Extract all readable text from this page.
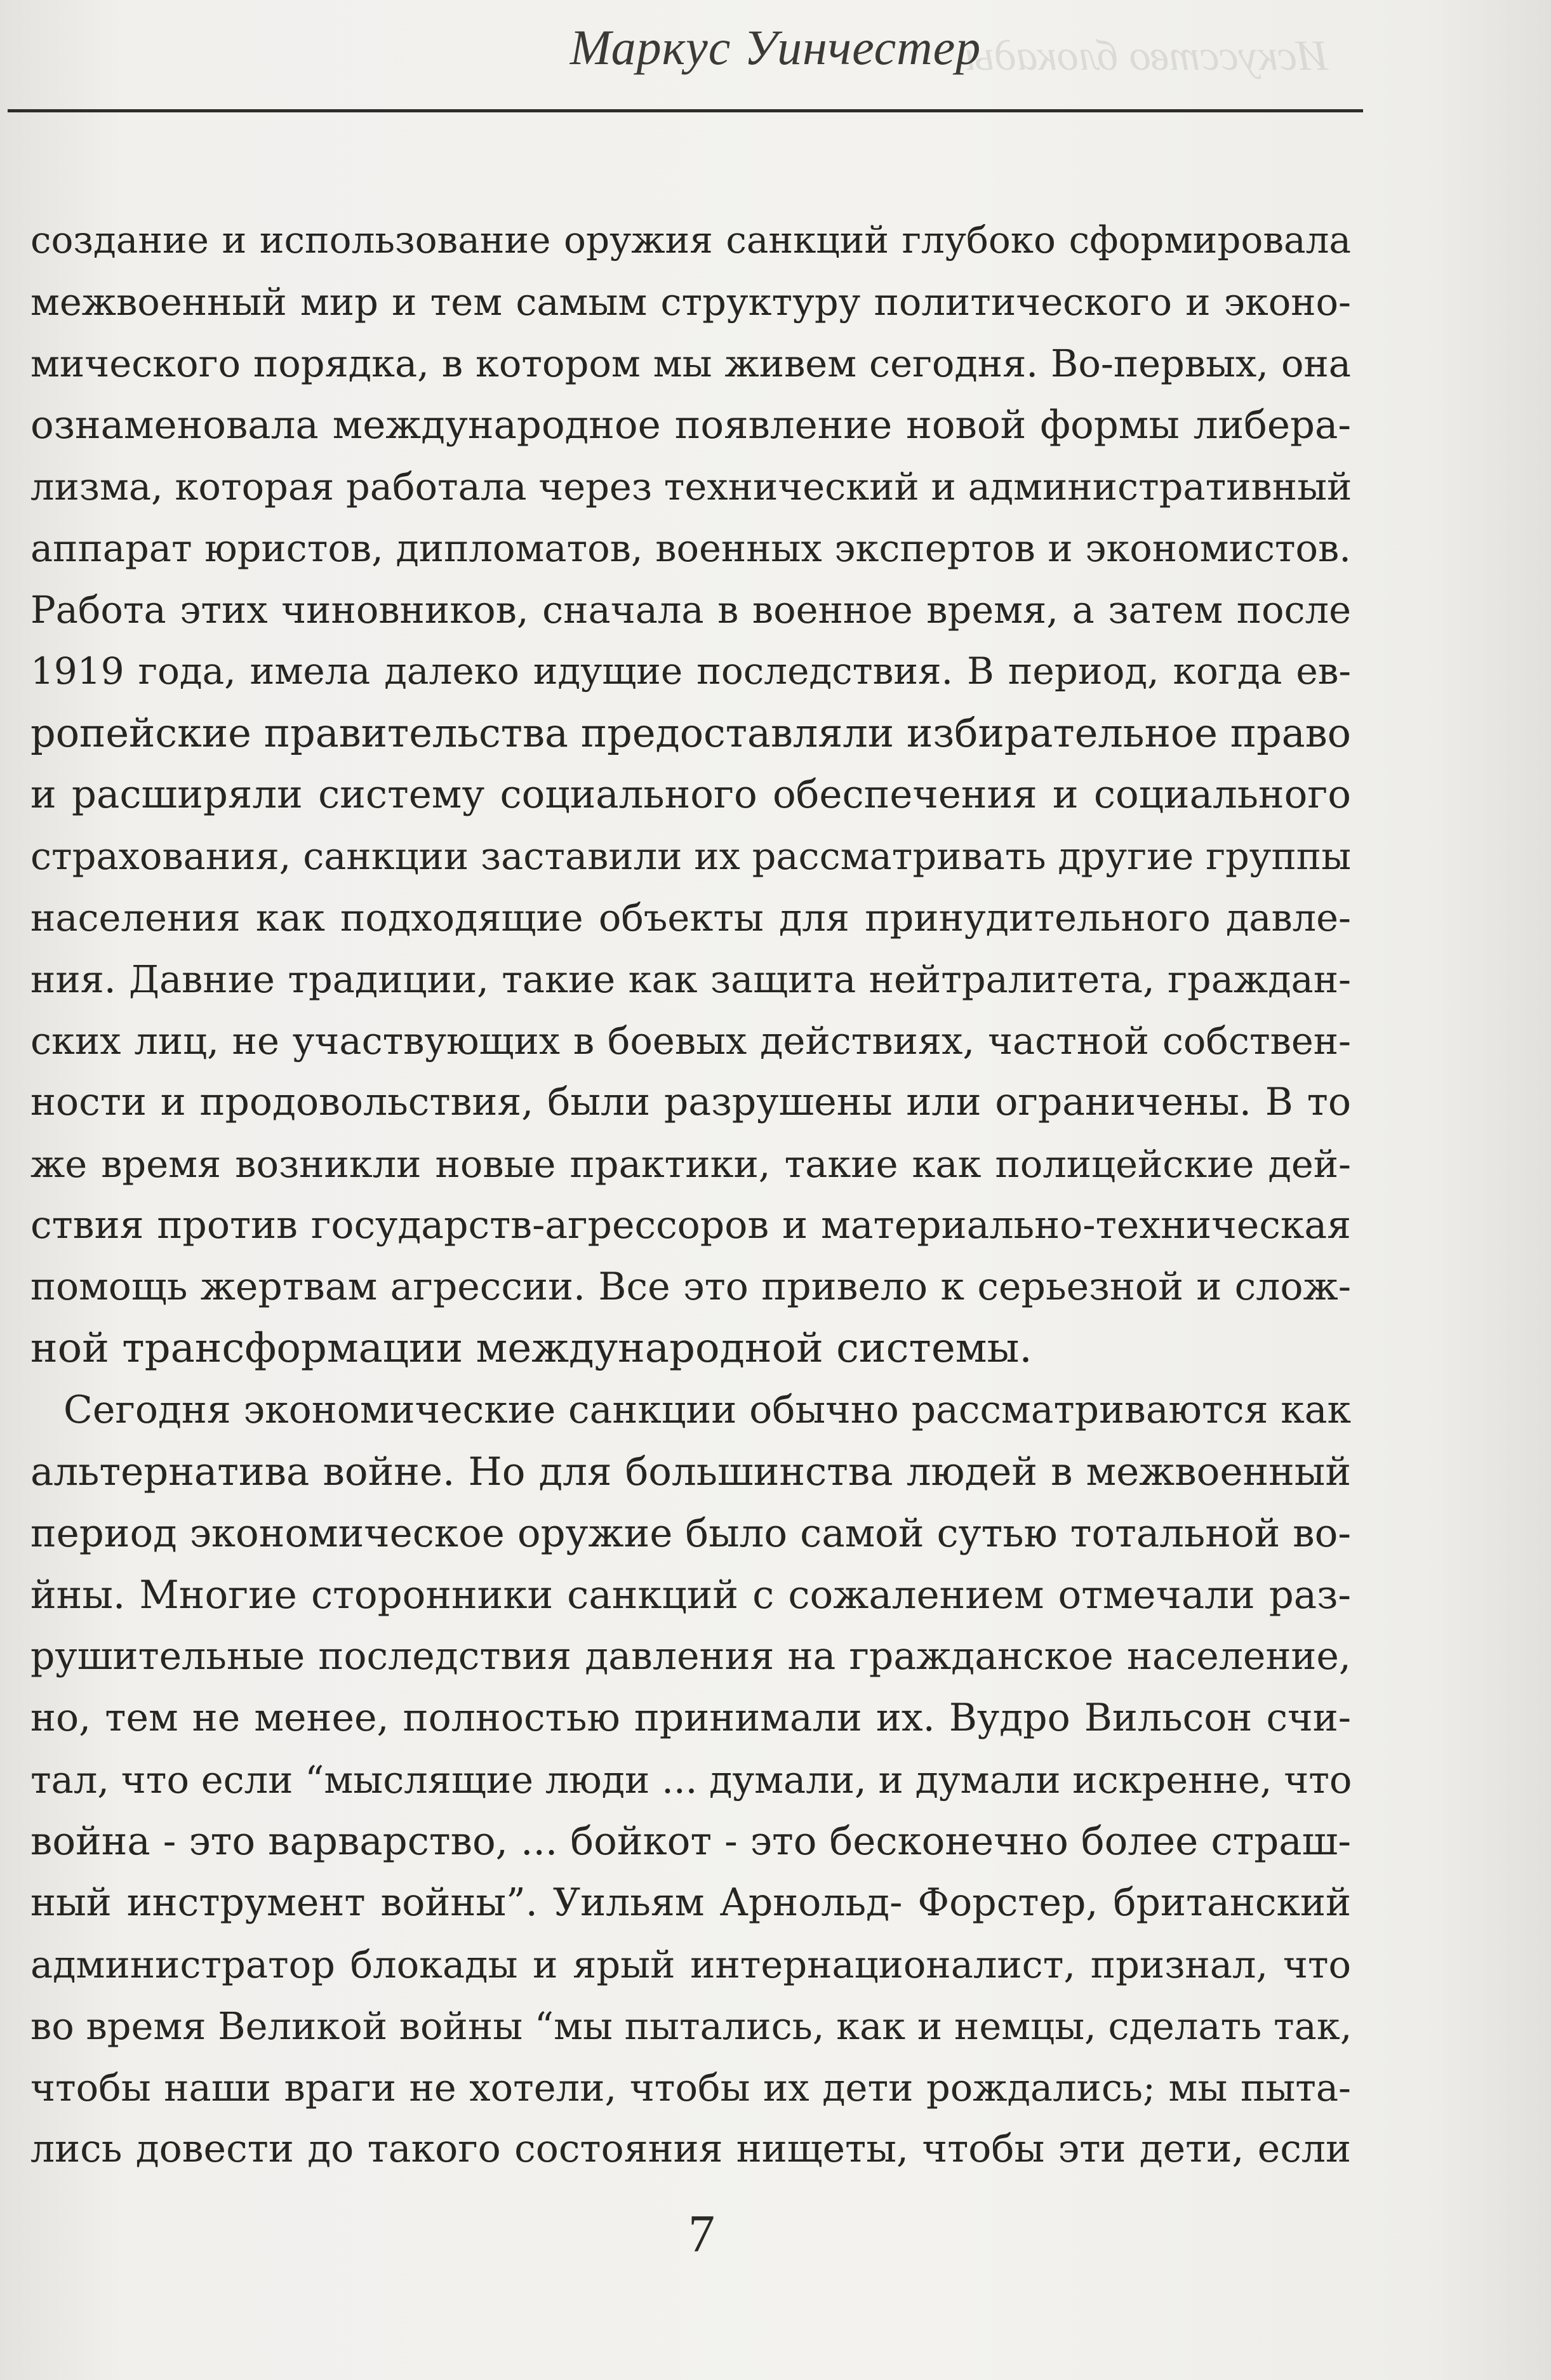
Искусство блокады
Маркус Уинчестер
создание и использование оружия санкций глубоко сформировала
межвоенный мир и тем самым структуру политического и эконо-
мического порядка, в котором мы живем сегодня. Во-первых, она
ознаменовала международное появление новой формы либера-
лизма, которая работала через технический и административный
аппарат юристов, дипломатов, военных экспертов и экономистов.
Работа этих чиновников, сначала в военное время, а затем после
1919 года, имела далеко идущие последствия. В период, когда ев-
ропейские правительства предоставляли избирательное право
и расширяли систему социального обеспечения и социального
страхования, санкции заставили их рассматривать другие группы
населения как подходящие объекты для принудительного давле-
ния. Давние традиции, такие как защита нейтралитета, граждан-
ских лиц, не участвующих в боевых действиях, частной собствен-
ности и продовольствия, были разрушены или ограничены. В то
же время возникли новые практики, такие как полицейские дей-
ствия против государств-агрессоров и материально-техническая
помощь жертвам агрессии. Все это привело к серьезной и слож-
ной трансформации международной системы.
Сегодня экономические санкции обычно рассматриваются как
альтернатива войне. Но для большинства людей в межвоенный
период экономическое оружие было самой сутью тотальной во-
йны. Многие сторонники санкций с сожалением отмечали раз-
рушительные последствия давления на гражданское население,
но, тем не менее, полностью принимали их. Вудро Вильсон счи-
тал, что если “мыслящие люди ... думали, и думали искренне, что
война - это варварство, ... бойкот - это бесконечно более страш-
ный инструмент войны”. Уильям Арнольд- Форстер, британский
администратор блокады и ярый интернационалист, признал, что
во время Великой войны “мы пытались, как и немцы, сделать так,
чтобы наши враги не хотели, чтобы их дети рождались; мы пыта-
лись довести до такого состояния нищеты, чтобы эти дети, если
7
